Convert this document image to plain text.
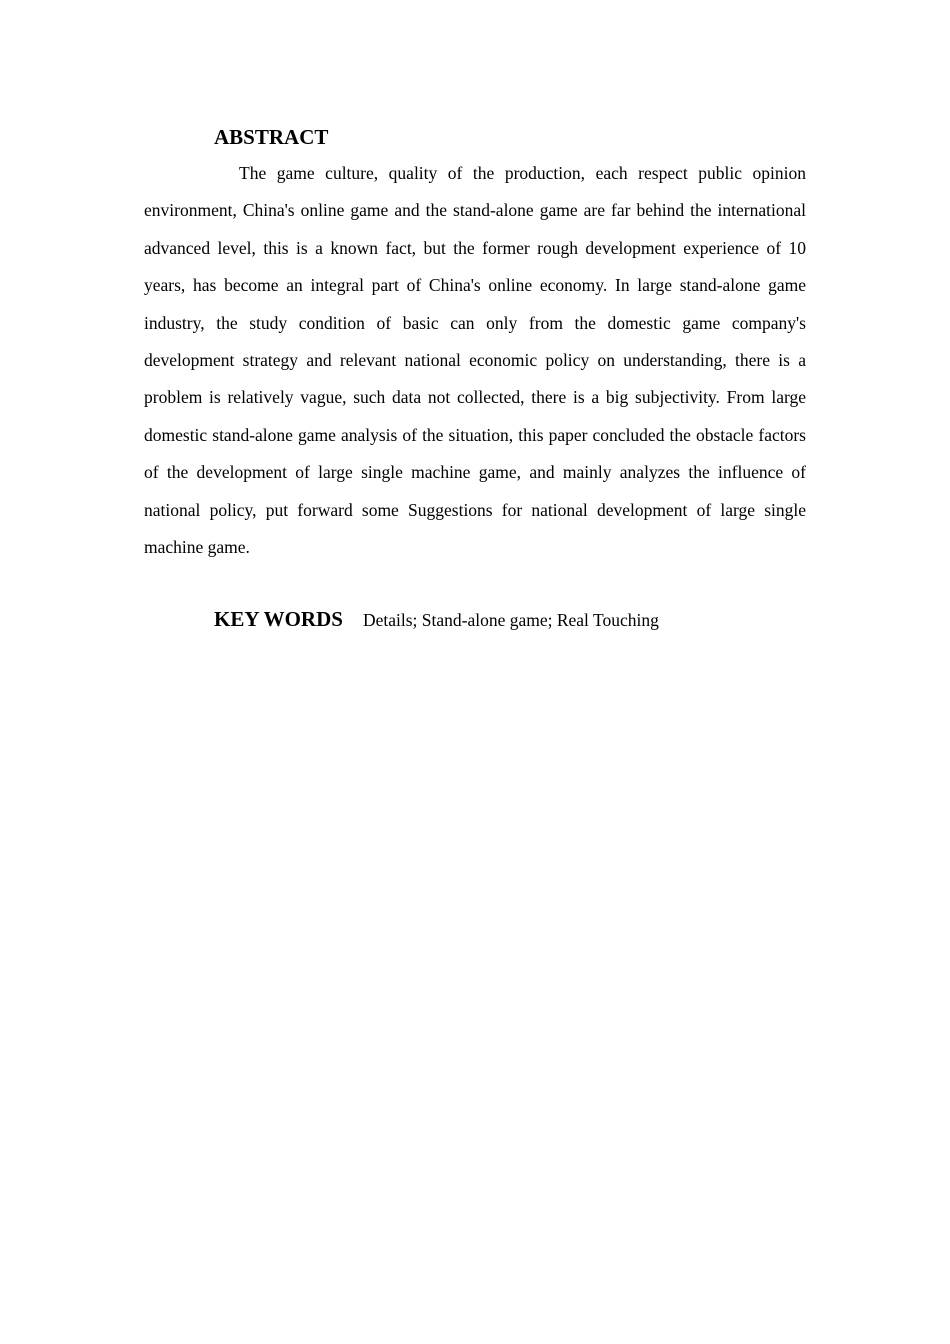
ABSTRACT

The game culture, quality of the production, each respect public opinion environment, China's online game and the stand-alone game are far behind the international advanced level, this is a known fact, but the former rough development experience of 10 years, has become an integral part of China's online economy. In large stand-alone game industry, the study condition of basic can only from the domestic game company's development strategy and relevant national economic policy on understanding, there is a problem is relatively vague, such data not collected, there is a big subjectivity. From large domestic stand-alone game analysis of the situation, this paper concluded the obstacle factors of the development of large single machine game, and mainly analyzes the influence of national policy, put forward some Suggestions for national development of large single machine game.

KEY WORDS Details; Stand-alone game; Real Touching
